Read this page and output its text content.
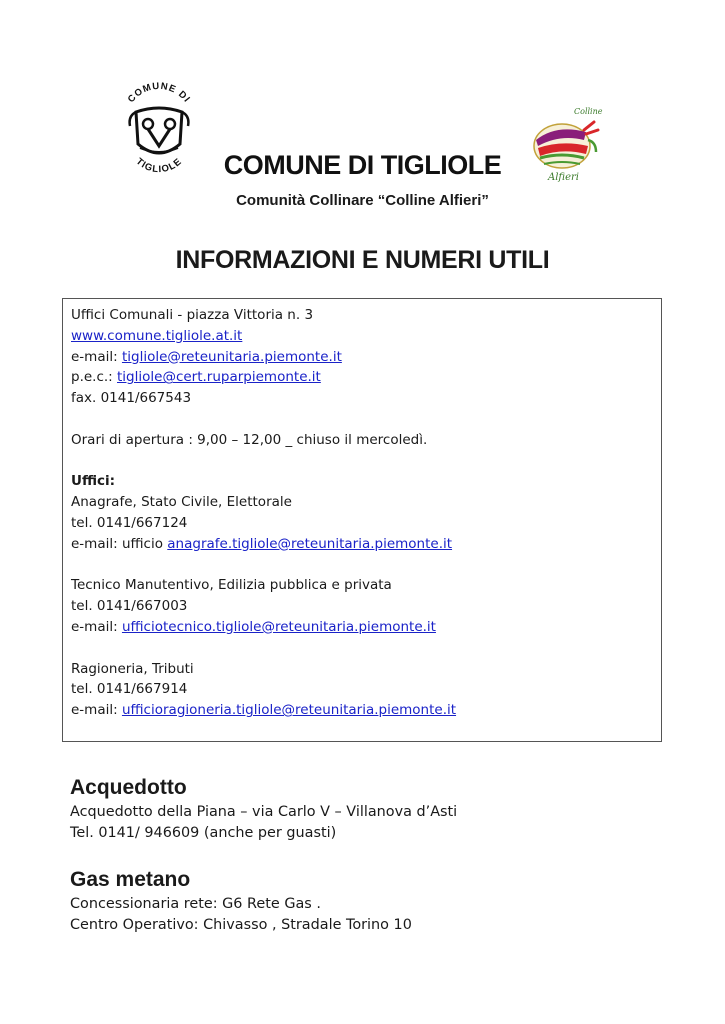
COMUNE DI
TIGLIOLE
Colline
Alfieri
COMUNE DI TIGLIOLE
Comunità Collinare “Colline Alfieri”
INFORMAZIONI E NUMERI UTILI
Uffici Comunali - piazza Vittoria n. 3
www.comune.tigliole.at.it
e-mail: tigliole@reteunitaria.piemonte.it
p.e.c.: tigliole@cert.ruparpiemonte.it
fax. 0141/667543
Orari di apertura : 9,00 – 12,00 _ chiuso il mercoledì.
Uffici:
Anagrafe, Stato Civile, Elettorale
tel. 0141/667124
e-mail: ufficio anagrafe.tigliole@reteunitaria.piemonte.it
Tecnico Manutentivo, Edilizia pubblica e privata
tel. 0141/667003
e-mail: ufficiotecnico.tigliole@reteunitaria.piemonte.it
Ragioneria, Tributi
tel. 0141/667914
e-mail: ufficioragioneria.tigliole@reteunitaria.piemonte.it
Acquedotto
Acquedotto della Piana – via Carlo V – Villanova d’Asti
Tel. 0141/ 946609 (anche per guasti)
Gas metano
Concessionaria rete: G6 Rete Gas .
Centro Operativo: Chivasso , Stradale Torino 10
